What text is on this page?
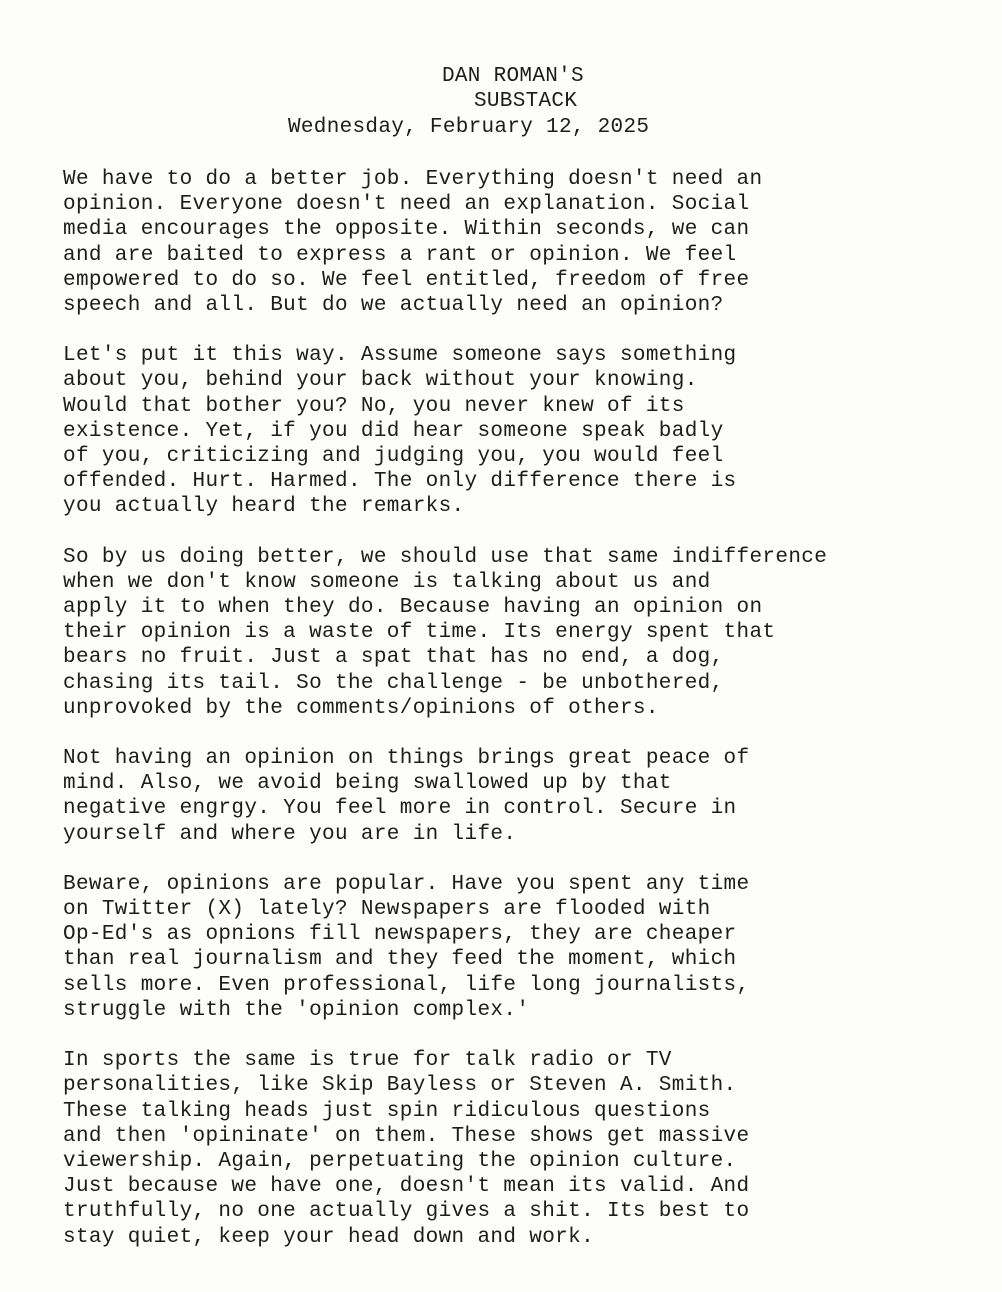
DAN ROMAN'S
SUBSTACK
Wednesday, February 12, 2025
We have to do a better job. Everything doesn't need an
opinion. Everyone doesn't need an explanation. Social
media encourages the opposite. Within seconds, we can
and are baited to express a rant or opinion. We feel
empowered to do so. We feel entitled, freedom of free
speech and all. But do we actually need an opinion?
Let's put it this way. Assume someone says something
about you, behind your back without your knowing.
Would that bother you? No, you never knew of its
existence. Yet, if you did hear someone speak badly
of you, criticizing and judging you, you would feel
offended. Hurt. Harmed. The only difference there is
you actually heard the remarks.
So by us doing better, we should use that same indifference
when we don't know someone is talking about us and
apply it to when they do. Because having an opinion on
their opinion is a waste of time. Its energy spent that
bears no fruit. Just a spat that has no end, a dog,
chasing its tail. So the challenge - be unbothered,
unprovoked by the comments/opinions of others.
Not having an opinion on things brings great peace of
mind. Also, we avoid being swallowed up by that
negative engrgy. You feel more in control. Secure in
yourself and where you are in life.
Beware, opinions are popular. Have you spent any time
on Twitter (X) lately? Newspapers are flooded with
Op-Ed's as opnions fill newspapers, they are cheaper
than real journalism and they feed the moment, which
sells more. Even professional, life long journalists,
struggle with the 'opinion complex.'
In sports the same is true for talk radio or TV
personalities, like Skip Bayless or Steven A. Smith.
These talking heads just spin ridiculous questions
and then 'opininate' on them. These shows get massive
viewership. Again, perpetuating the opinion culture.
Just because we have one, doesn't mean its valid. And
truthfully, no one actually gives a shit. Its best to
stay quiet, keep your head down and work.
